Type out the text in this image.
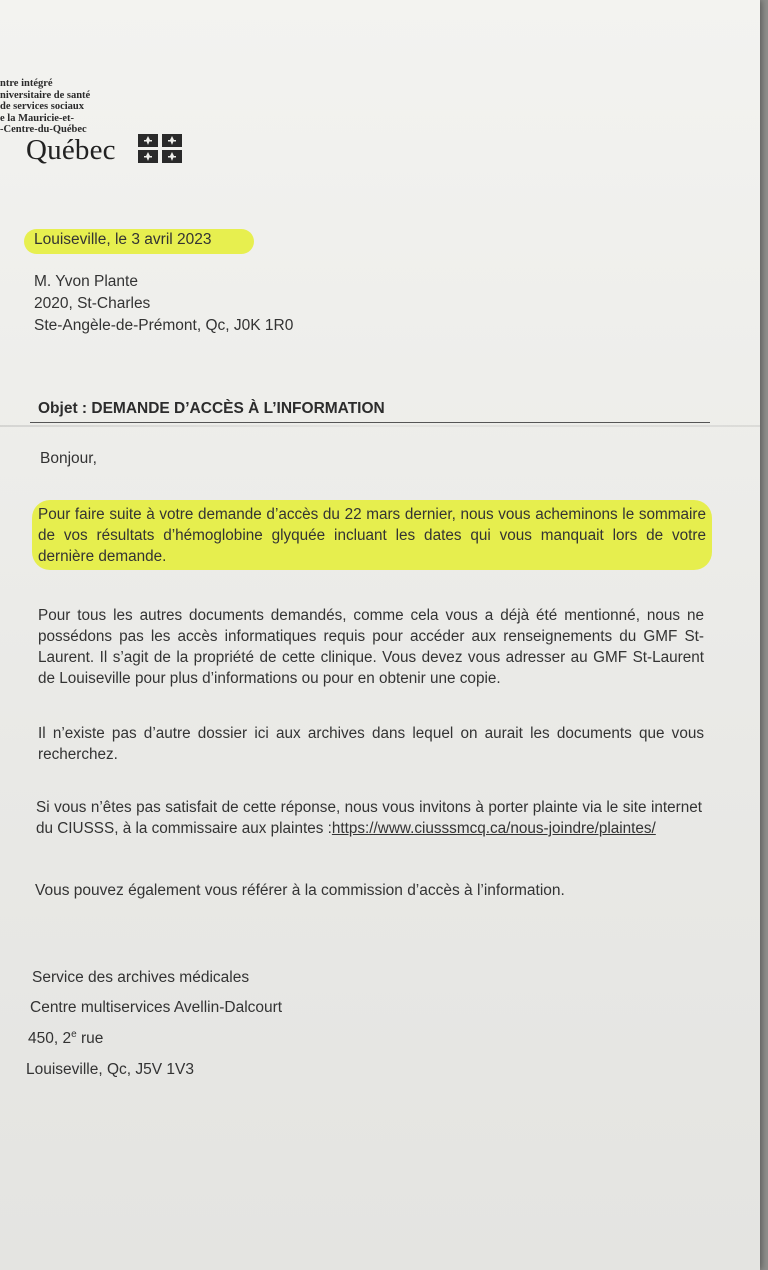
ntre intégré
niversitaire de santé
de services sociaux
e la Mauricie-et-
-Centre-du-Québec
Québec
Louiseville, le 3 avril 2023
M. Yvon Plante
2020, St-Charles
Ste-Angèle-de-Prémont, Qc, J0K 1R0
Objet : DEMANDE D’ACCÈS À L’INFORMATION
Bonjour,
Pour faire suite à votre demande d’accès du 22 mars dernier, nous vous acheminons le sommaire de vos résultats d’hémoglobine glyquée incluant les dates qui vous manquait lors de votre dernière demande.
Pour tous les autres documents demandés, comme cela vous a déjà été mentionné, nous ne possédons pas les accès informatiques requis pour accéder aux renseignements du GMF St-Laurent. Il s’agit de la propriété de cette clinique. Vous devez vous adresser au GMF St-Laurent de Louiseville pour plus d’informations ou pour en obtenir une copie.
Il n’existe pas d’autre dossier ici aux archives dans lequel on aurait les documents que vous recherchez.
Si vous n’êtes pas satisfait de cette réponse, nous vous invitons à porter plainte via le site internet du CIUSSS, à la commissaire aux plaintes :https://www.ciusssmcq.ca/nous-joindre/plaintes/
Vous pouvez également vous référer à la commission d’accès à l’information.
Service des archives médicales
Centre multiservices Avellin-Dalcourt
450, 2e rue
Louiseville, Qc, J5V 1V3
